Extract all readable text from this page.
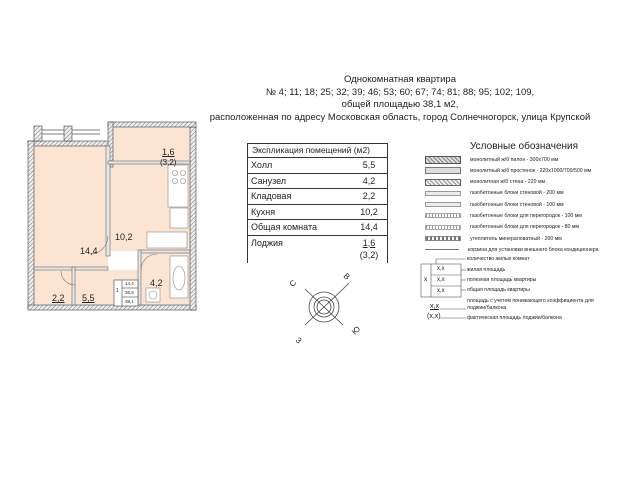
Однокомнатная квартира
№ 4; 11; 18; 25; 32; 39; 46; 53; 60; 67; 74; 81; 88; 95; 102; 109,
общей площадью 38,1 м2,
расположенная по адресу Московская область, город Солнечногорск, улица Крупской
14,4
10,2
4,2
2,2 5,5
1,6
(3,2)
1
14,4
36,5
38,1
С
В
Ю
З
Экспликация помещений (м2)
Холл	5,5
Санузел	4,2
Кладовая	2,2
Кухня	10,2
Общая комната	14,4
Лоджия	1,6
(3,2)
Условные обозначения
монолитный ж/б пилон - 300х700 мм
монолитный ж/б простенок - 220х1000/700/500 мм
монолитная ж/б стена - 220 мм
газобетонные блоки стеновой - 200 мм
газобетонные блоки стеновой - 100 мм
газобетонные блоки для перегородок - 100 мм
газобетонные блоки для перегородок - 80 мм
утеплитель минераловатный - 200 мм
корзина для установки внешнего блока кондиционера
х
х,х
х,х
х,х
количество жилых комнат
жилая площадь
полезная площадь квартиры
общая площадь квартиры
х,х
(х,х)
площадь с учетом понижающего коэффициента для
лоджии/балкона
фактическая площадь лоджии/балкона
